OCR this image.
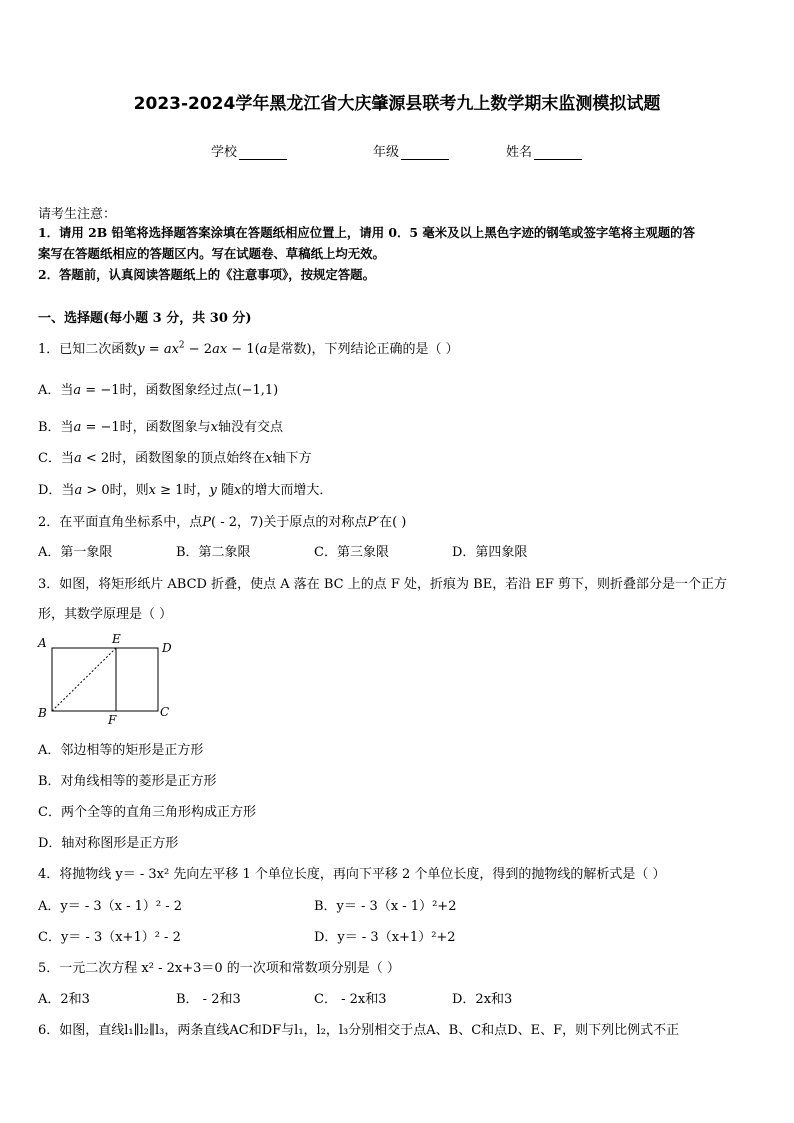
2023-2024学年黑龙江省大庆肇源县联考九上数学期末监测模拟试题
学校	年级	姓名
请考生注意：
1．请用 2B 铅笔将选择题答案涂填在答题纸相应位置上，请用 0．5 毫米及以上黑色字迹的钢笔或签字笔将主观题的答
案写在答题纸相应的答题区内。写在试题卷、草稿纸上均无效。
2．答题前，认真阅读答题纸上的《注意事项》，按规定答题。
一、选择题(每小题 3 分，共 30 分)
1．已知二次函数$y = ax^2 - 2ax - 1(a$是常数)，下列结论正确的是（ ）
A．当a = −1时，函数图象经过点(−1,1)
B．当a = −1时，函数图象与x轴没有交点
C．当a < 2时，函数图象的顶点始终在x轴下方
D．当a > 0时，则x ≥ 1时，y 随x的增大而增大．
2．在平面直角坐标系中，点P( - 2，7)关于原点的对称点P′在( )
A．第一象限	B．第二象限	C．第三象限	D．第四象限
3．如图，将矩形纸片 ABCD 折叠，使点 A 落在 BC 上的点 F 处，折痕为 BE，若沿 EF 剪下，则折叠部分是一个正方
形，其数学原理是（ ）
A	E
D
B	F
C
A．邻边相等的矩形是正方形
B．对角线相等的菱形是正方形
C．两个全等的直角三角形构成正方形
D．轴对称图形是正方形
4．将抛物线 y＝ - 3x² 先向左平移 1 个单位长度，再向下平移 2 个单位长度，得到的抛物线的解析式是（ ）
A．y＝ - 3（x - 1）² - 2	B．y＝ - 3（x - 1）²+2
C．y＝ - 3（x+1）² - 2	D．y＝ - 3（x+1）²+2
5．一元二次方程 x² - 2x+3＝0 的一次项和常数项分别是（ ）
A．2和3	B． - 2和3	C． - 2x和3	D．2x和3
6．如图，直线l₁∥l₂∥l₃，两条直线AC和DF与l₁，l₂，l₃分别相交于点A、B、C和点D、E、F，则下列比例式不正
